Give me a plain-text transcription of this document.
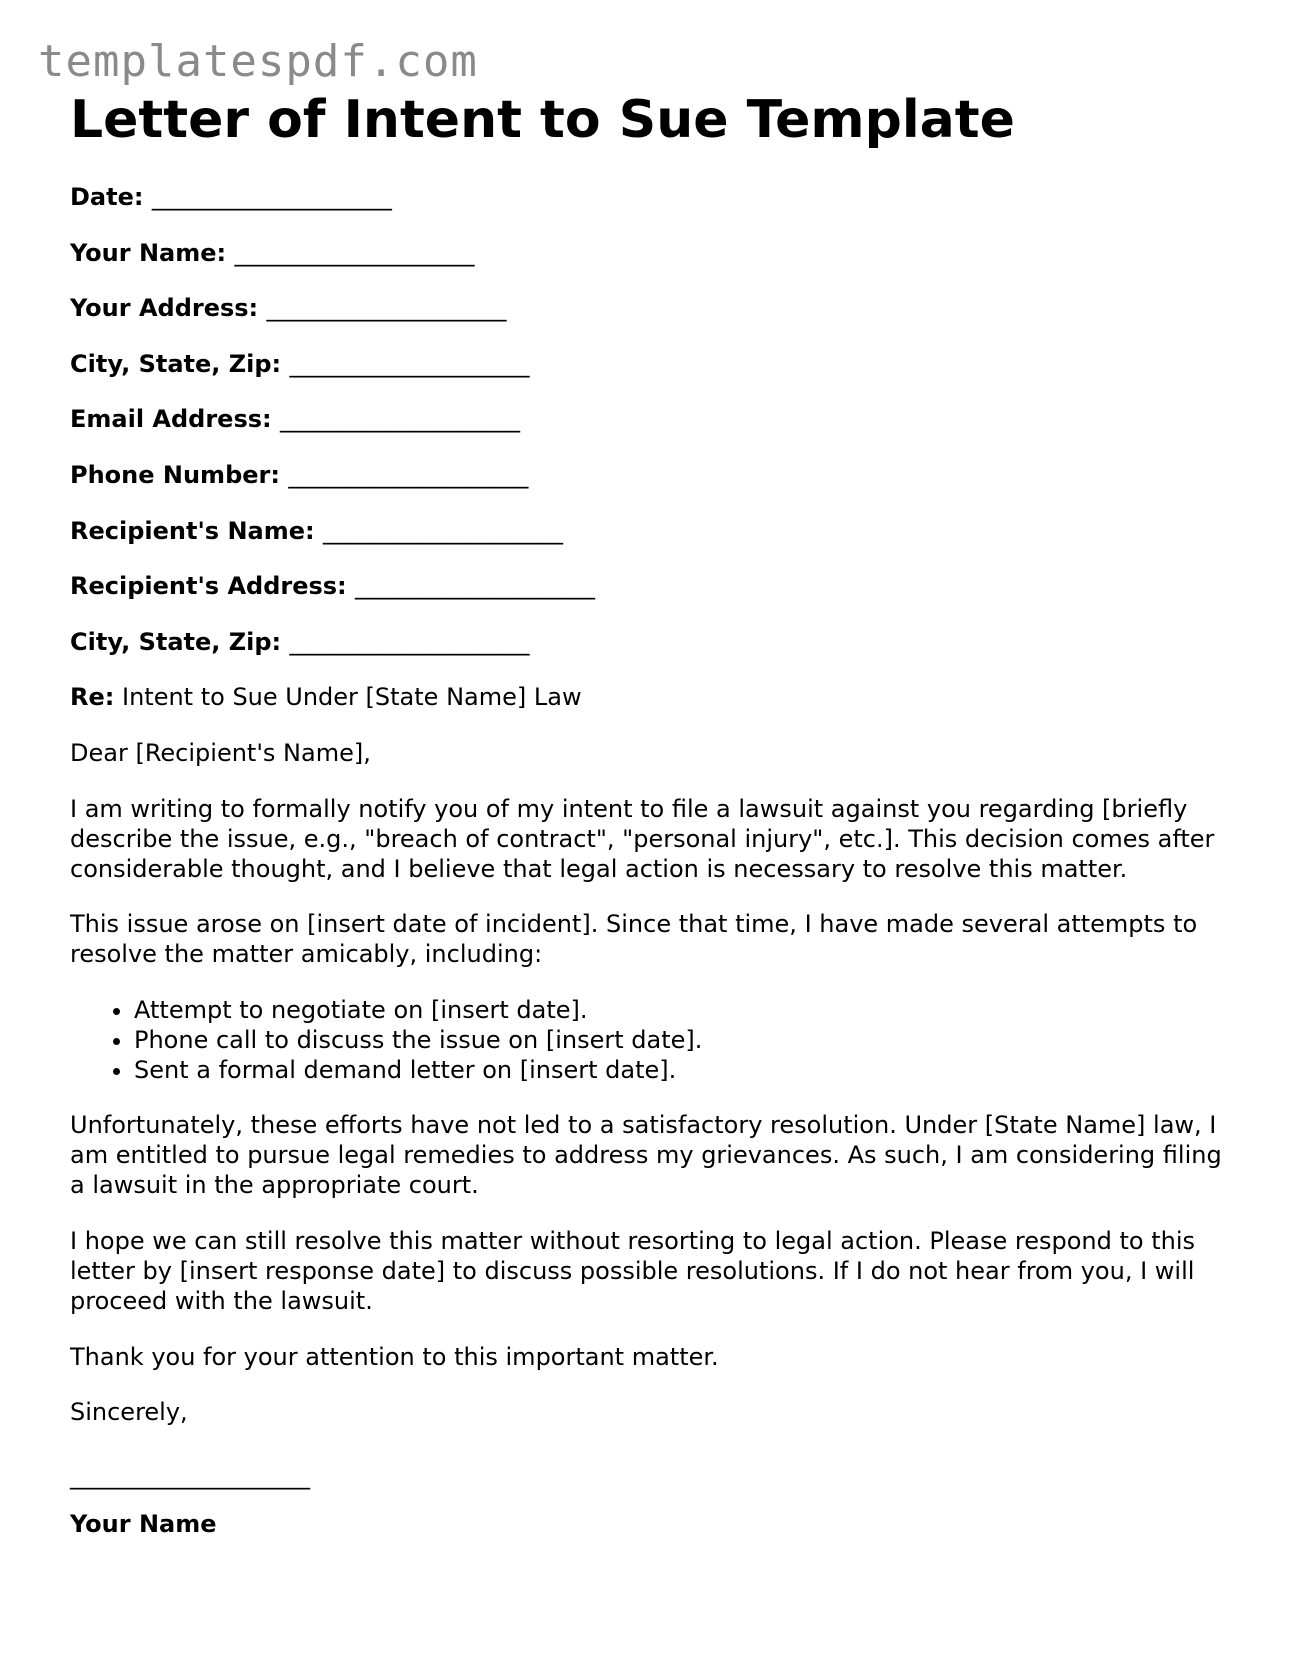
templatespdf.com
Letter of Intent to Sue Template
Date: ____________________
Your Name: ____________________
Your Address: ____________________
City, State, Zip: ____________________
Email Address: ____________________
Phone Number: ____________________
Recipient's Name: ____________________
Recipient's Address: ____________________
City, State, Zip: ____________________

Re: Intent to Sue Under [State Name] Law

Dear [Recipient's Name],

I am writing to formally notify you of my intent to file a lawsuit against you regarding [briefly describe the issue, e.g., "breach of contract", "personal injury", etc.]. This decision comes after considerable thought, and I believe that legal action is necessary to resolve this matter.

This issue arose on [insert date of incident]. Since that time, I have made several attempts to resolve the matter amicably, including:

• Attempt to negotiate on [insert date].
• Phone call to discuss the issue on [insert date].
• Sent a formal demand letter on [insert date].

Unfortunately, these efforts have not led to a satisfactory resolution. Under [State Name] law, I am entitled to pursue legal remedies to address my grievances. As such, I am considering filing a lawsuit in the appropriate court.

I hope we can still resolve this matter without resorting to legal action. Please respond to this letter by [insert response date] to discuss possible resolutions. If I do not hear from you, I will proceed with the lawsuit.

Thank you for your attention to this important matter.

Sincerely,

____________________
Your Name
